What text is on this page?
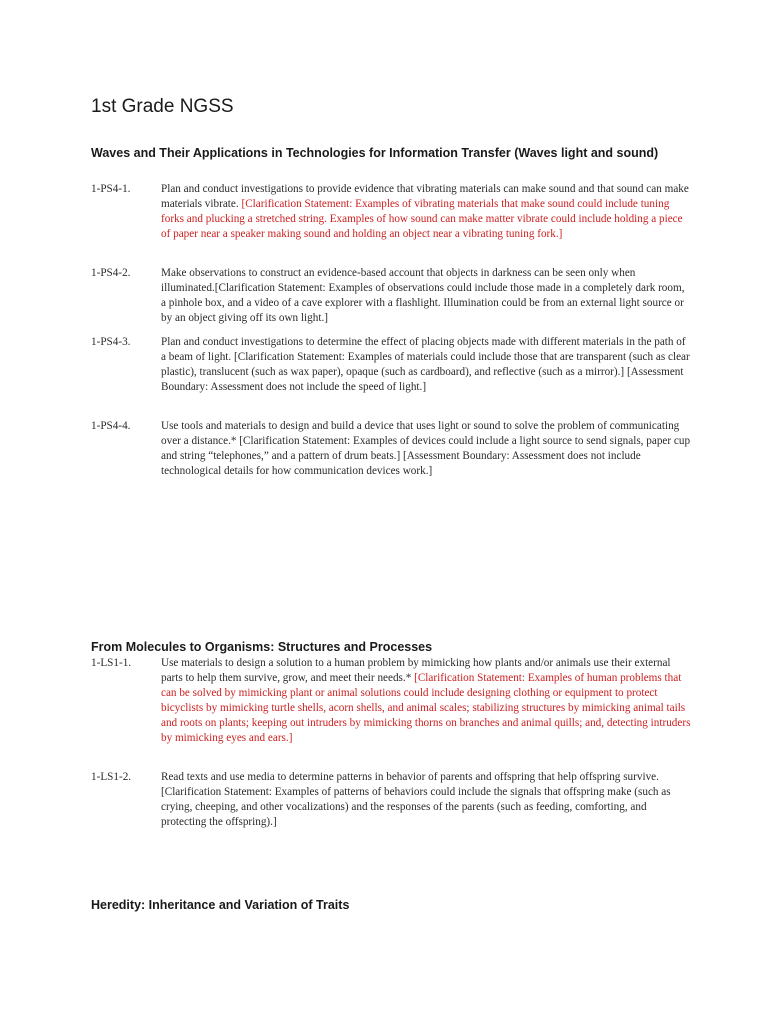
1st Grade NGSS
Waves and Their Applications in Technologies for Information Transfer (Waves light and sound)
1-PS4-1.	Plan and conduct investigations to provide evidence that vibrating materials can make sound and that sound can make materials vibrate. [Clarification Statement: Examples of vibrating materials that make sound could include tuning forks and plucking a stretched string. Examples of how sound can make matter vibrate could include holding a piece of paper near a speaker making sound and holding an object near a vibrating tuning fork.]
1-PS4-2.	Make observations to construct an evidence-based account that objects in darkness can be seen only when illuminated.[Clarification Statement: Examples of observations could include those made in a completely dark room, a pinhole box, and a video of a cave explorer with a flashlight. Illumination could be from an external light source or by an object giving off its own light.]
1-PS4-3.	Plan and conduct investigations to determine the effect of placing objects made with different materials in the path of a beam of light. [Clarification Statement: Examples of materials could include those that are transparent (such as clear plastic), translucent (such as wax paper), opaque (such as cardboard), and reflective (such as a mirror).] [Assessment Boundary: Assessment does not include the speed of light.]
1-PS4-4.	Use tools and materials to design and build a device that uses light or sound to solve the problem of communicating over a distance.* [Clarification Statement: Examples of devices could include a light source to send signals, paper cup and string “telephones,” and a pattern of drum beats.] [Assessment Boundary: Assessment does not include technological details for how communication devices work.]
From Molecules to Organisms: Structures and Processes
1-LS1-1.	Use materials to design a solution to a human problem by mimicking how plants and/or animals use their external parts to help them survive, grow, and meet their needs.* [Clarification Statement: Examples of human problems that can be solved by mimicking plant or animal solutions could include designing clothing or equipment to protect bicyclists by mimicking turtle shells, acorn shells, and animal scales; stabilizing structures by mimicking animal tails and roots on plants; keeping out intruders by mimicking thorns on branches and animal quills; and, detecting intruders by mimicking eyes and ears.]
1-LS1-2.	Read texts and use media to determine patterns in behavior of parents and offspring that help offspring survive. [Clarification Statement: Examples of patterns of behaviors could include the signals that offspring make (such as crying, cheeping, and other vocalizations) and the responses of the parents (such as feeding, comforting, and protecting the offspring).]
Heredity: Inheritance and Variation of Traits
